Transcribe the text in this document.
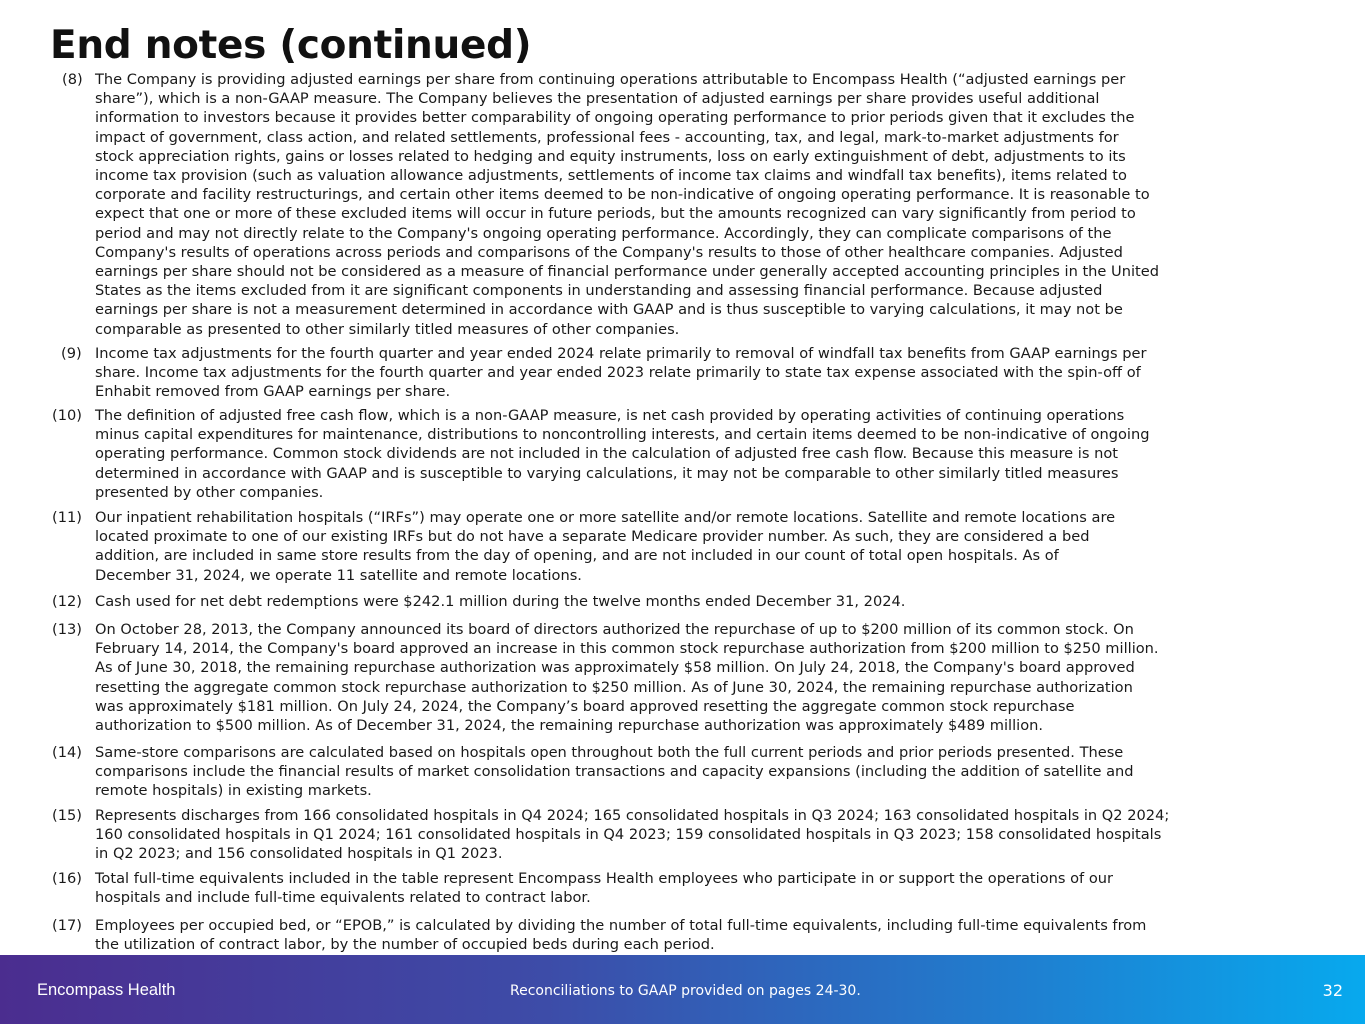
End notes (continued)
(8) The Company is providing adjusted earnings per share from continuing operations attributable to Encompass Health (“adjusted earnings per
share”), which is a non-GAAP measure. The Company believes the presentation of adjusted earnings per share provides useful additional
information to investors because it provides better comparability of ongoing operating performance to prior periods given that it excludes the
impact of government, class action, and related settlements, professional fees - accounting, tax, and legal, mark-to-market adjustments for
stock appreciation rights, gains or losses related to hedging and equity instruments, loss on early extinguishment of debt, adjustments to its
income tax provision (such as valuation allowance adjustments, settlements of income tax claims and windfall tax benefits), items related to
corporate and facility restructurings, and certain other items deemed to be non-indicative of ongoing operating performance. It is reasonable to
expect that one or more of these excluded items will occur in future periods, but the amounts recognized can vary significantly from period to
period and may not directly relate to the Company's ongoing operating performance. Accordingly, they can complicate comparisons of the
Company's results of operations across periods and comparisons of the Company's results to those of other healthcare companies. Adjusted
earnings per share should not be considered as a measure of financial performance under generally accepted accounting principles in the United
States as the items excluded from it are significant components in understanding and assessing financial performance. Because adjusted
earnings per share is not a measurement determined in accordance with GAAP and is thus susceptible to varying calculations, it may not be
comparable as presented to other similarly titled measures of other companies.
(9) Income tax adjustments for the fourth quarter and year ended 2024 relate primarily to removal of windfall tax benefits from GAAP earnings per
share. Income tax adjustments for the fourth quarter and year ended 2023 relate primarily to state tax expense associated with the spin-off of
Enhabit removed from GAAP earnings per share.
(10) The definition of adjusted free cash flow, which is a non-GAAP measure, is net cash provided by operating activities of continuing operations
minus capital expenditures for maintenance, distributions to noncontrolling interests, and certain items deemed to be non-indicative of ongoing
operating performance. Common stock dividends are not included in the calculation of adjusted free cash flow. Because this measure is not
determined in accordance with GAAP and is susceptible to varying calculations, it may not be comparable to other similarly titled measures
presented by other companies.
(11) Our inpatient rehabilitation hospitals (“IRFs”) may operate one or more satellite and/or remote locations. Satellite and remote locations are
located proximate to one of our existing IRFs but do not have a separate Medicare provider number. As such, they are considered a bed
addition, are included in same store results from the day of opening, and are not included in our count of total open hospitals. As of
December 31, 2024, we operate 11 satellite and remote locations.
(12) Cash used for net debt redemptions were $242.1 million during the twelve months ended December 31, 2024.
(13) On October 28, 2013, the Company announced its board of directors authorized the repurchase of up to $200 million of its common stock. On
February 14, 2014, the Company's board approved an increase in this common stock repurchase authorization from $200 million to $250 million.
As of June 30, 2018, the remaining repurchase authorization was approximately $58 million. On July 24, 2018, the Company's board approved
resetting the aggregate common stock repurchase authorization to $250 million. As of June 30, 2024, the remaining repurchase authorization
was approximately $181 million. On July 24, 2024, the Company’s board approved resetting the aggregate common stock repurchase
authorization to $500 million. As of December 31, 2024, the remaining repurchase authorization was approximately $489 million.
(14) Same-store comparisons are calculated based on hospitals open throughout both the full current periods and prior periods presented. These
comparisons include the financial results of market consolidation transactions and capacity expansions (including the addition of satellite and
remote hospitals) in existing markets.
(15) Represents discharges from 166 consolidated hospitals in Q4 2024; 165 consolidated hospitals in Q3 2024; 163 consolidated hospitals in Q2 2024;
160 consolidated hospitals in Q1 2024; 161 consolidated hospitals in Q4 2023; 159 consolidated hospitals in Q3 2023; 158 consolidated hospitals
in Q2 2023; and 156 consolidated hospitals in Q1 2023.
(16) Total full-time equivalents included in the table represent Encompass Health employees who participate in or support the operations of our
hospitals and include full-time equivalents related to contract labor.
(17) Employees per occupied bed, or “EPOB,” is calculated by dividing the number of total full-time equivalents, including full-time equivalents from
the utilization of contract labor, by the number of occupied beds during each period.
Encompass Health	Reconciliations to GAAP provided on pages 24-30.	32
